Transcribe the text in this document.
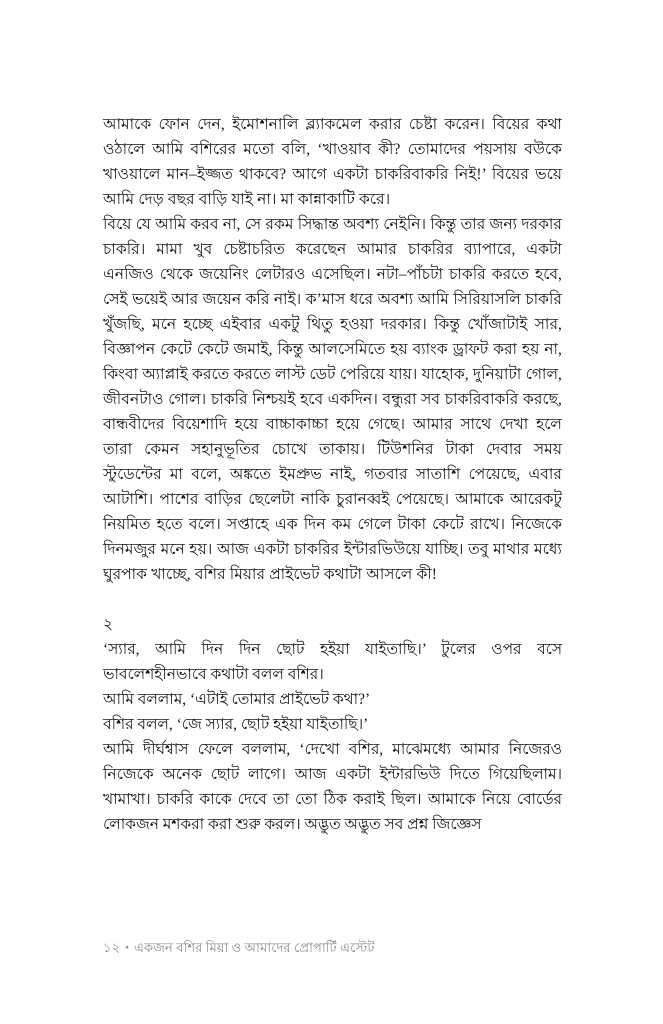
আমাকে ফোন দেন, ইমোশনালি ব্ল্যাকমেল করার চেষ্টা করেন। বিয়ের কথা ওঠালে আমি বশিরের মতো বলি, ‘খাওয়াব কী? তোমাদের পয়সায় বউকে খাওয়ালে মান–ইজ্জত থাকবে? আগে একটা চাকরিবাকরি নিই!’ বিয়ের ভয়ে আমি দেড় বছর বাড়ি যাই না। মা কান্নাকাটি করে।

বিয়ে যে আমি করব না, সে রকম সিদ্ধান্ত অবশ্য নেইনি। কিন্তু তার জন্য দরকার চাকরি। মামা খুব চেষ্টাচরিত করেছেন আমার চাকরির ব্যাপারে, একটা এনজিও থেকে জয়েনিং লেটারও এসেছিল। নটা–পাঁচটা চাকরি করতে হবে, সেই ভয়েই আর জয়েন করি নাই। ক’মাস ধরে অবশ্য আমি সিরিয়াসলি চাকরি খুঁজছি, মনে হচ্ছে এইবার একটু থিতু হওয়া দরকার। কিন্তু খোঁজাটাই সার, বিজ্ঞাপন কেটে কেটে জমাই, কিন্তু আলসেমিতে হয় ব্যাংক ড্রাফট করা হয় না, কিংবা অ্যাপ্লাই করতে করতে লাস্ট ডেট পেরিয়ে যায়। যাহোক, দুনিয়াটা গোল, জীবনটাও গোল। চাকরি নিশ্চয়ই হবে একদিন। বন্ধুরা সব চাকরিবাকরি করছে, বান্ধবীদের বিয়েশাদি হয়ে বাচ্চাকাচ্চা হয়ে গেছে। আমার সাথে দেখা হলে তারা কেমন সহানুভূতির চোখে তাকায়। টিউশনির টাকা দেবার সময় স্টুডেন্টের মা বলে, অঙ্কতে ইমপ্রুভ নাই, গতবার সাতাশি পেয়েছে, এবার আটাশি। পাশের বাড়ির ছেলেটা নাকি চুরানব্বই পেয়েছে। আমাকে আরেকটু নিয়মিত হতে বলে। সপ্তাহে এক দিন কম গেলে টাকা কেটে রাখে। নিজেকে দিনমজুর মনে হয়। আজ একটা চাকরির ইন্টারভিউয়ে যাচ্ছি। তবু মাথার মধ্যে ঘুরপাক খাচ্ছে, বশির মিয়ার প্রাইভেট কথাটা আসলে কী!

২

‘স্যার, আমি দিন দিন ছোট হইয়া যাইতাছি।’ টুলের ওপর বসে ভাবলেশহীনভাবে কথাটা বলল বশির।

আমি বললাম, ‘এটাই তোমার প্রাইভেট কথা?’

বশির বলল, ‘জে স্যার, ছোট হইয়া যাইতাছি।’

আমি দীর্ঘশ্বাস ফেলে বললাম, ‘দেখো বশির, মাঝেমধ্যে আমার নিজেরও নিজেকে অনেক ছোট লাগে। আজ একটা ইন্টারভিউ দিতে গিয়েছিলাম। খামাখা। চাকরি কাকে দেবে তা তো ঠিক করাই ছিল। আমাকে নিয়ে বোর্ডের লোকজন মশকরা করা শুরু করল। অদ্ভুত অদ্ভুত সব প্রশ্ন জিজ্ঞেস

১২ • একজন বশির মিয়া ও আমাদের প্রোপার্টি এস্টেট
